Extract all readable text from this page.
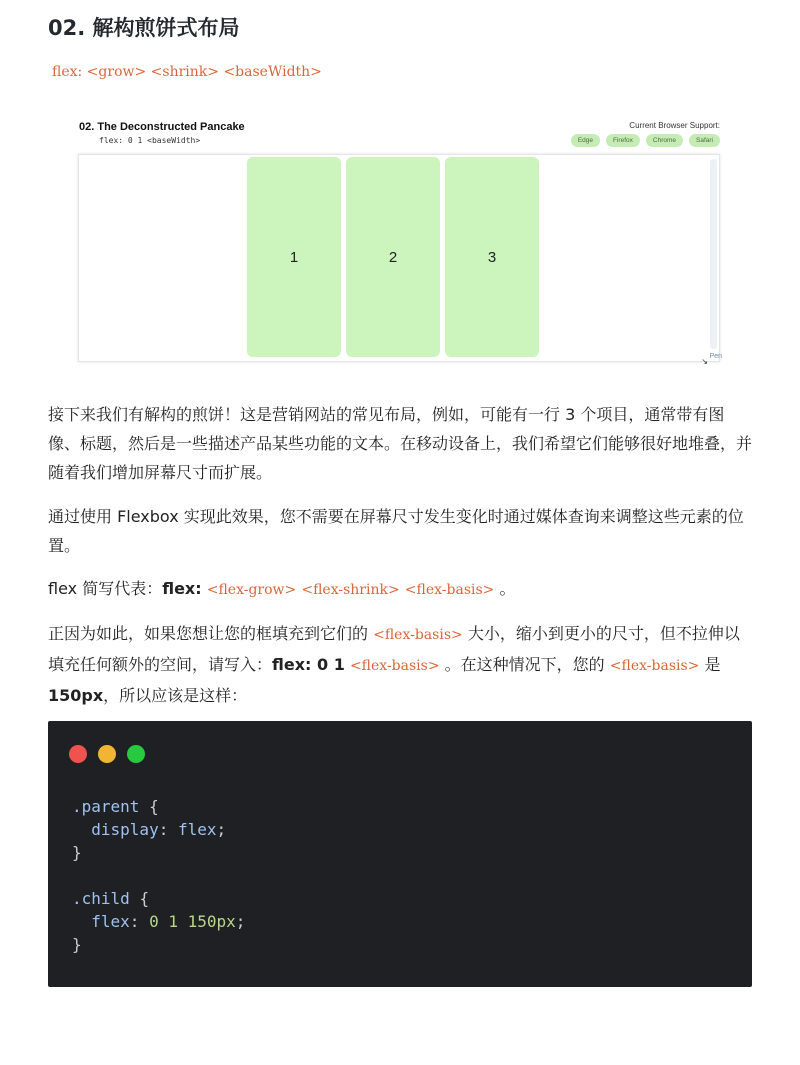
02. 解构煎饼式布局
flex: <grow> <shrink> <baseWidth>
02. The Deconstructed Pancake
flex: 0 1 <baseWidth>
Current Browser Support:
Edge	Firefox	Chrome	Safari
1	2	3
Pen
↘
接下来我们有解构的煎饼！这是营销网站的常见布局，例如，可能有一行 3 个项目，通常带有图像、标题，然后是一些描述产品某些功能的文本。在移动设备上，我们希望它们能够很好地堆叠，并随着我们增加屏幕尺寸而扩展。
通过使用 Flexbox 实现此效果，您不需要在屏幕尺寸发生变化时通过媒体查询来调整这些元素的位置。
flex 简写代表：flex: <flex-grow> <flex-shrink> <flex-basis> 。
正因为如此，如果您想让您的框填充到它们的 <flex-basis> 大小，缩小到更小的尺寸，但不拉伸以填充任何额外的空间，请写入：flex: 0 1 <flex-basis> 。在这种情况下，您的 <flex-basis> 是 150px，所以应该是这样：
.parent {
display: flex;
}

.child {
flex: 0 1 150px;
}
